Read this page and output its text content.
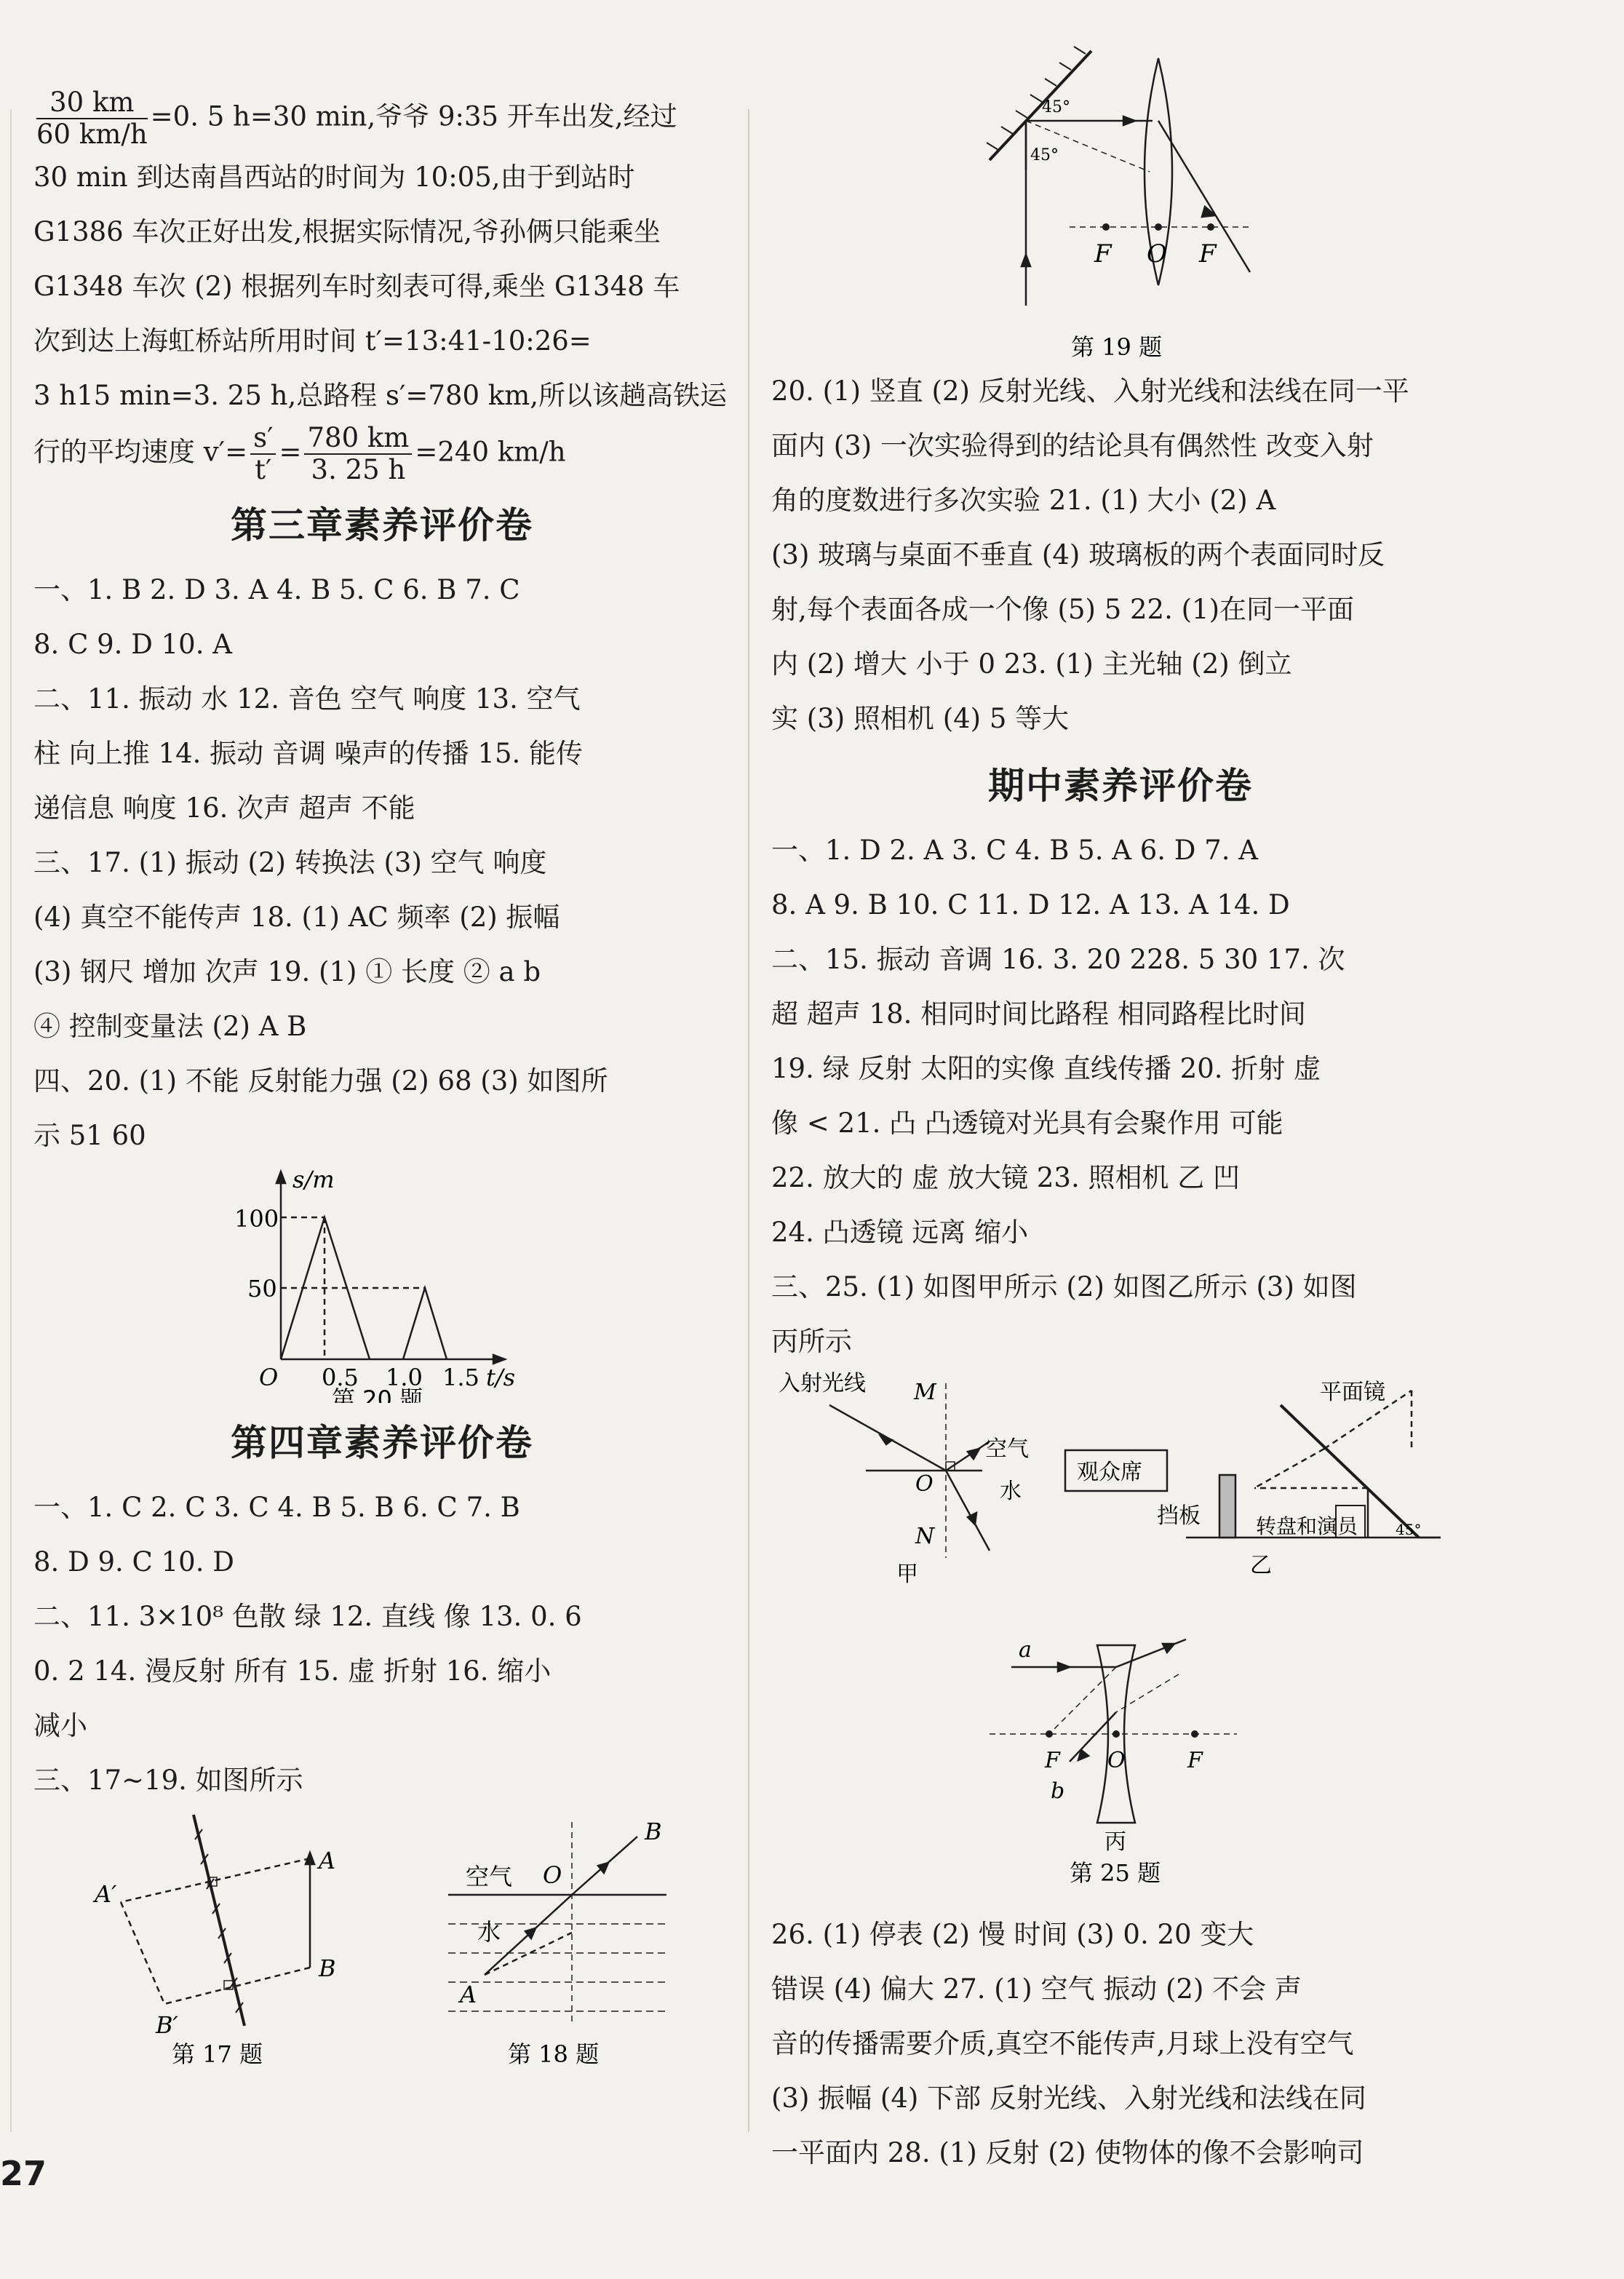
$\frac{30 km}{60 km/h} =0$. 5 h=30 min,爷爷 9:35 开车出发,经过

30 min 到达南昌西站的时间为 10:05,由于到站时

G1386 车次正好出发,根据实际情况,爷孙俩只能乘坐

G1348 车次 (2) 根据列车时刻表可得,乘坐 G1348 车

次到达上海虹桥站所用时间 t′=13:41-10:26=

3 h15 min=3. 25 h,总路程 s′=780 km,所以该趟高铁运

行的平均速度 $v'= \frac{s'}{t'} = \frac{780 km}{3. 25 h} =240$ km/h

第三章素养评价卷

一、1. B 2. D 3. A 4. B 5. C 6. B 7. C

8. C 9. D 10. A

二、11. 振动 水 12. 音色 空气 响度 13. 空气

柱 向上推 14. 振动 音调 噪声的传播 15. 能传

递信息 响度 16. 次声 超声 不能

三、17. (1) 振动 (2) 转换法 (3) 空气 响度

(4) 真空不能传声 18. (1) AC 频率 (2) 振幅

(3) 钢尺 增加 次声 19. (1) ① 长度 ② a b

④ 控制变量法 (2) A B

四、20. (1) 不能 反射能力强 (2) 68 (3) 如图所

示 51 60

s/m
100
50
O 0.5 1.0 1.5 t/s
第 20 题
第四章素养评价卷

一、1. C 2. C 3. C 4. B 5. B 6. C 7. B

8. D 9. C 10. D

二、11. 3×10⁸ 色散 绿 12. 直线 像 13. 0. 6

0. 2 14. 漫反射 所有 15. 虚 折射 16. 缩小

减小

三、17~19. 如图所示

A
B
A′
B′
第 17 题
空气 O
B
水
A
第 18 题
45°
45°
F O F
第 19 题

20. (1) 竖直 (2) 反射光线、入射光线和法线在同一平

面内 (3) 一次实验得到的结论具有偶然性 改变入射

角的度数进行多次实验 21. (1) 大小 (2) A

(3) 玻璃与桌面不垂直 (4) 玻璃板的两个表面同时反

射,每个表面各成一个像 (5) 5 22. (1)在同一平面

内 (2) 增大 小于 0 23. (1) 主光轴 (2) 倒立

实 (3) 照相机 (4) 5 等大

期中素养评价卷

一、1. D 2. A 3. C 4. B 5. A 6. D 7. A

8. A 9. B 10. C 11. D 12. A 13. A 14. D

二、15. 振动 音调 16. 3. 20 228. 5 30 17. 次

超 超声 18. 相同时间比路程 相同路程比时间

19. 绿 反射 太阳的实像 直线传播 20. 折射 虚

像 < 21. 凸 凸透镜对光具有会聚作用 可能

22. 放大的 虚 放大镜 23. 照相机 乙 凹

24. 凸透镜 远离 缩小

三、25. (1) 如图甲所示 (2) 如图乙所示 (3) 如图

丙所示

入射光线 M
O
N
空气
水
甲
观众席
挡板	转盘和演员
平面镜
45°
乙
a
F O	F
b
丙
第 25 题

26. (1) 停表 (2) 慢 时间 (3) 0. 20 变大

错误 (4) 偏大 27. (1) 空气 振动 (2) 不会 声

音的传播需要介质,真空不能传声,月球上没有空气

(3) 振幅 (4) 下部 反射光线、入射光线和法线在同

一平面内 28. (1) 反射 (2) 使物体的像不会影响司

27
